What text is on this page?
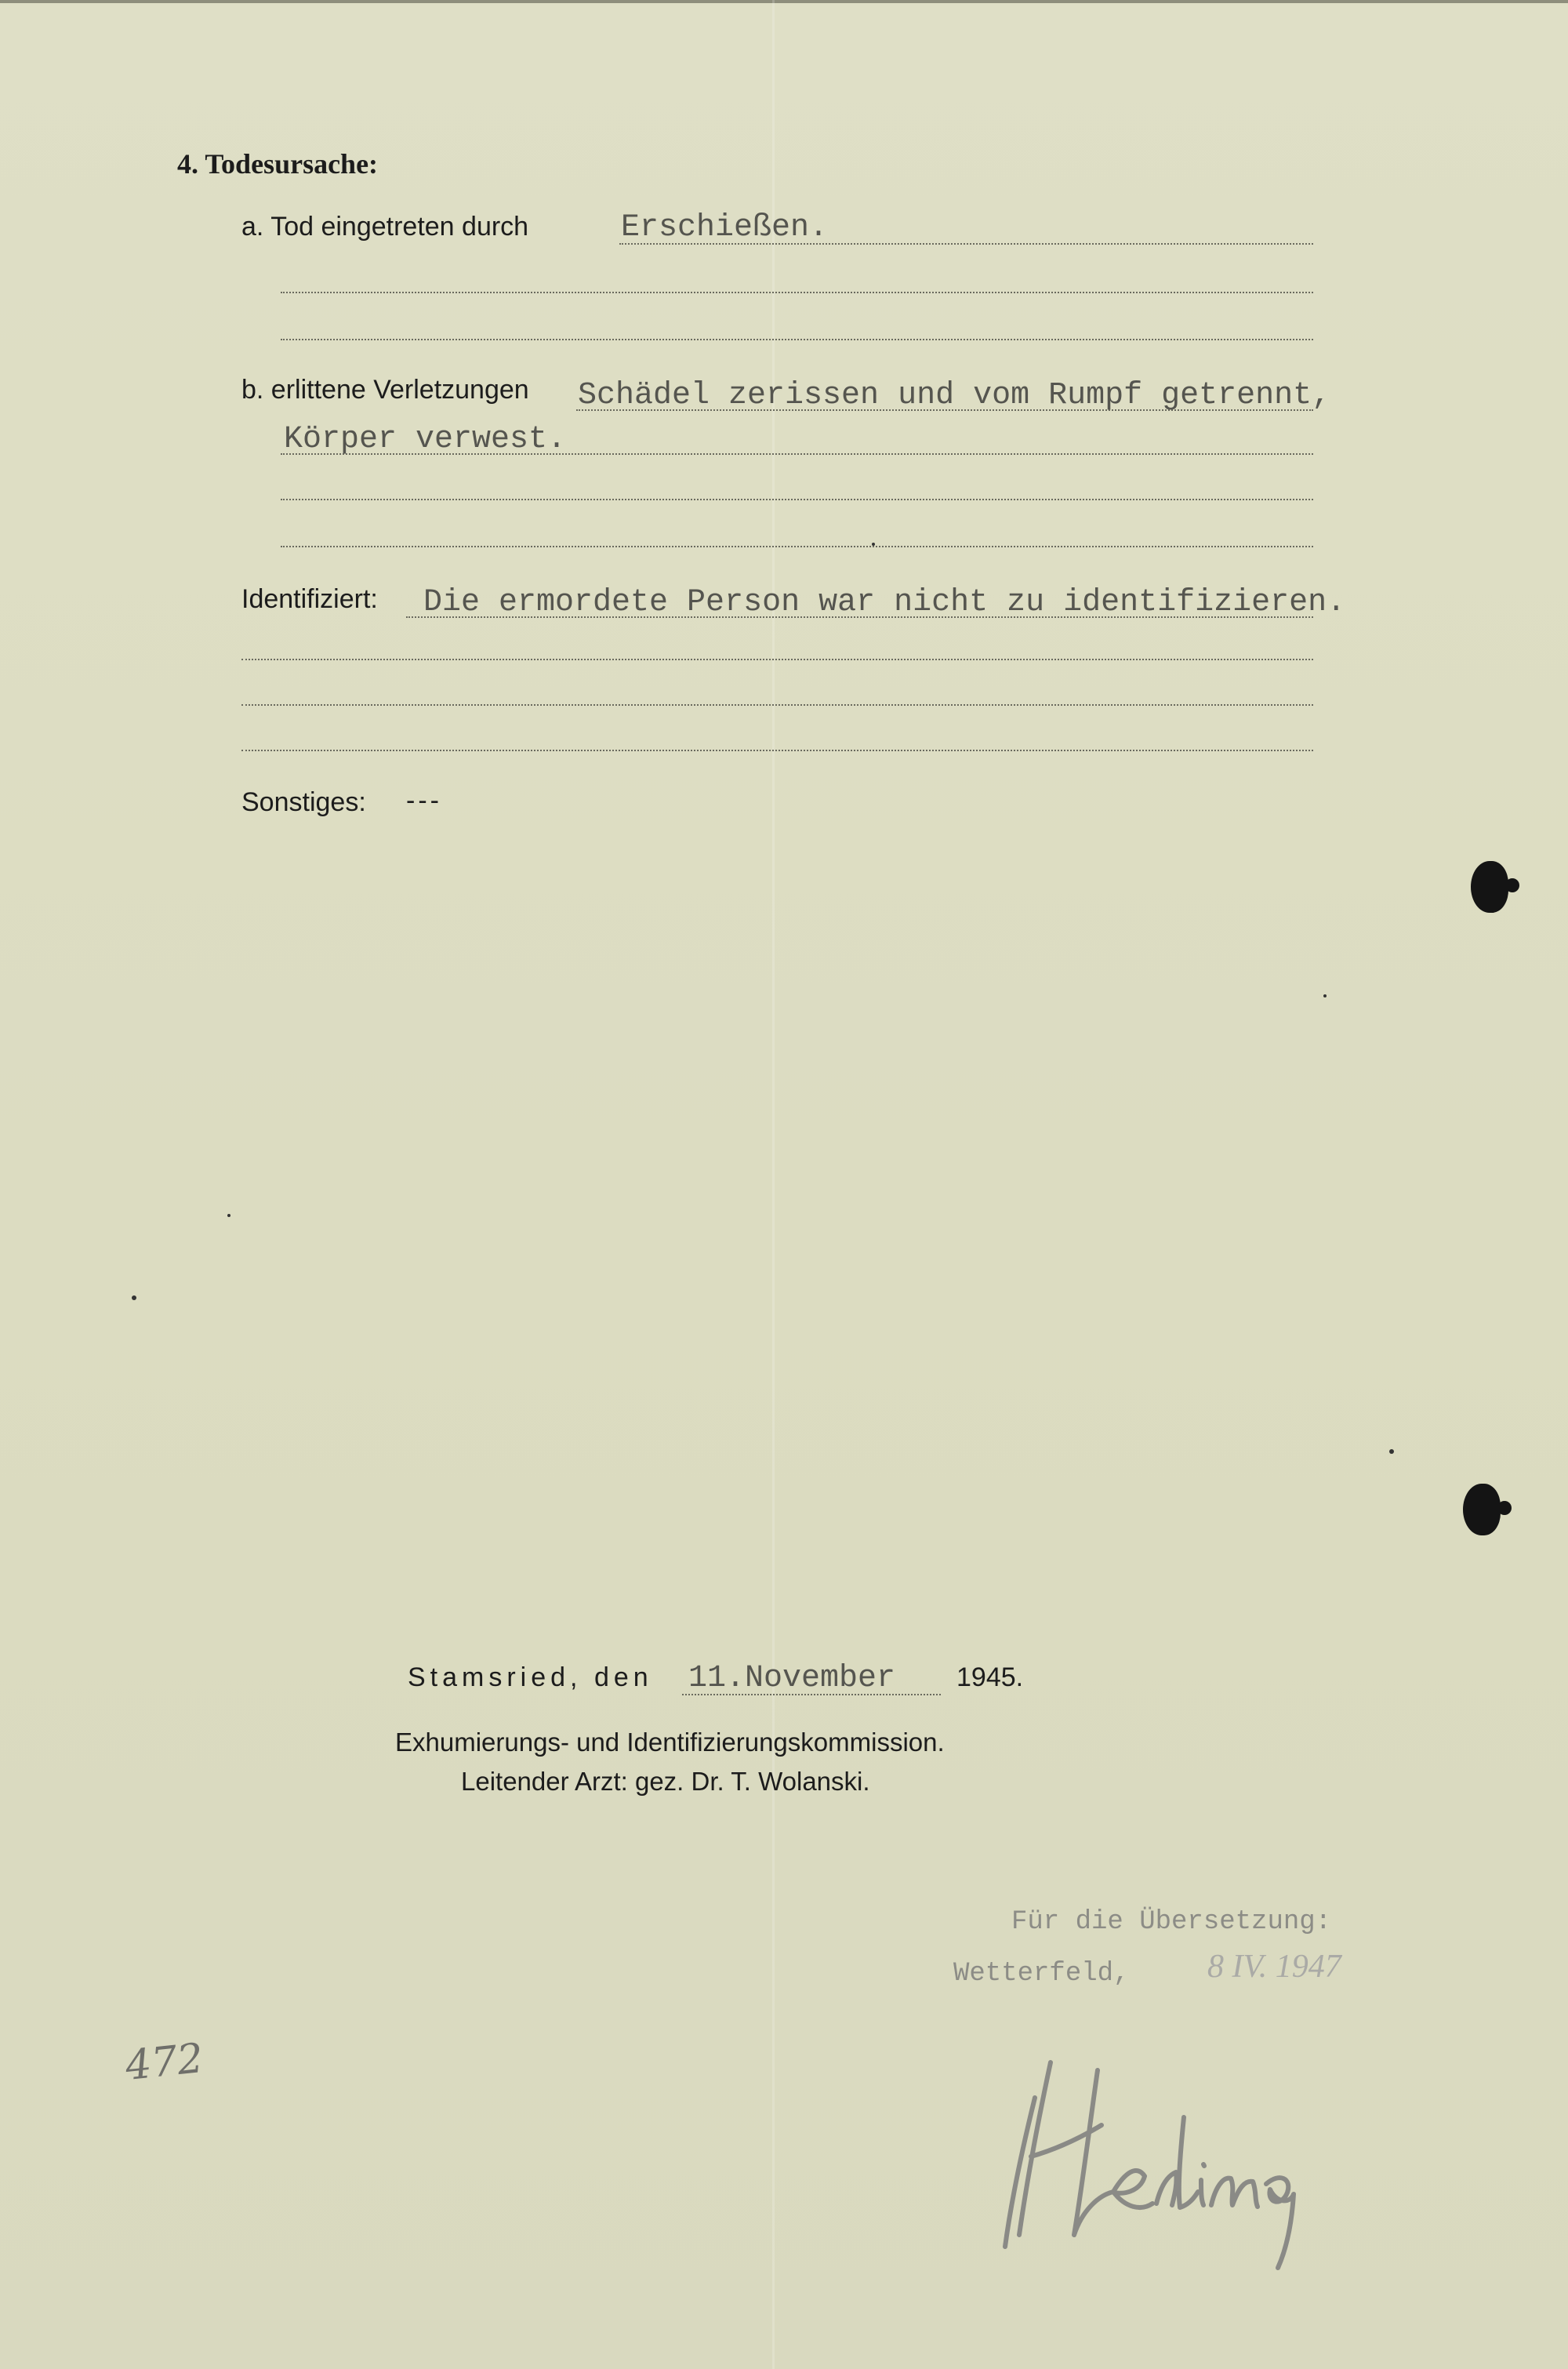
4. Todesursache:
a. Tod eingetreten durch	Erschießen.
b. erlittene Verletzungen Schädel zerissen und vom Rumpf getrennt,
Körper verwest.
Identifiziert: Die ermordete Person war nicht zu identifizieren.
Sonstiges: ---
Stamsried, den 11.November 1945.
Exhumierungs- und Identifizierungskommission.
Leitender Arzt: gez. Dr. T. Wolanski.
Für die Übersetzung:
Wetterfeld, 8 IV. 1947
472
